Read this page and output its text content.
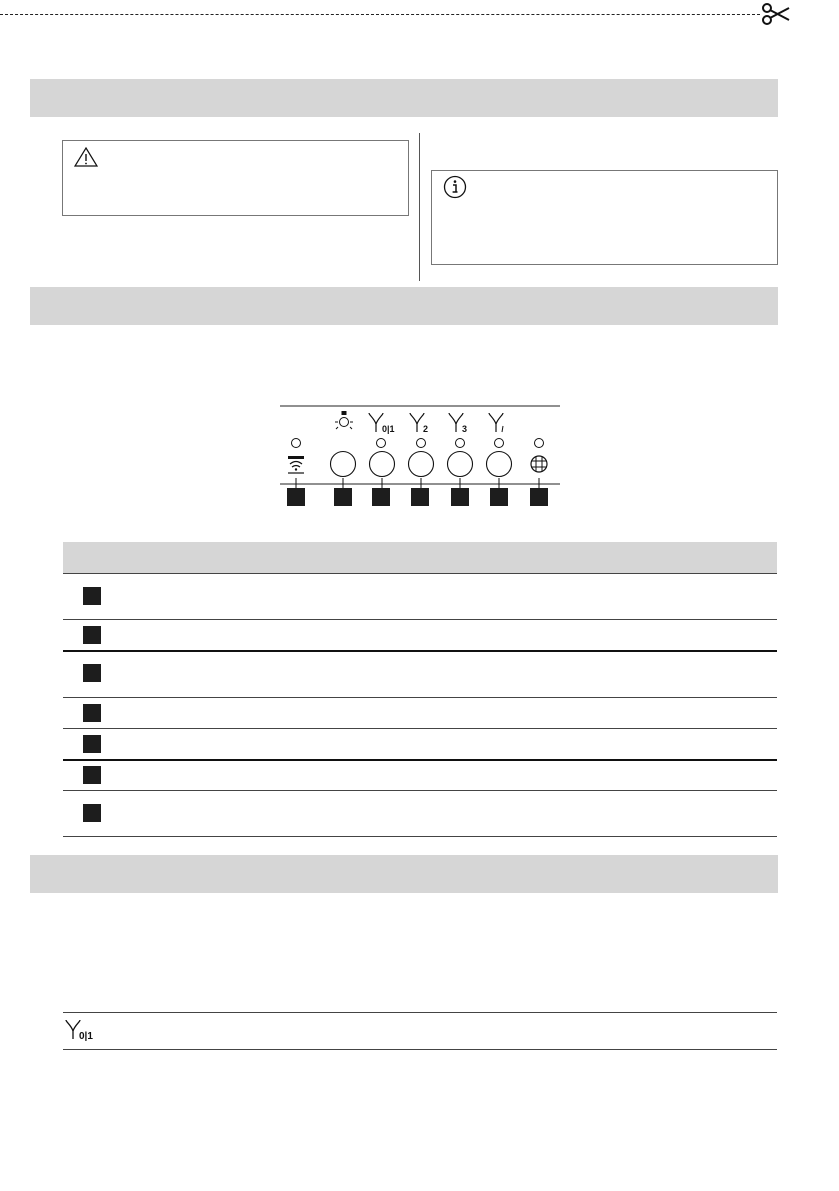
0|1	2	3
0|1
